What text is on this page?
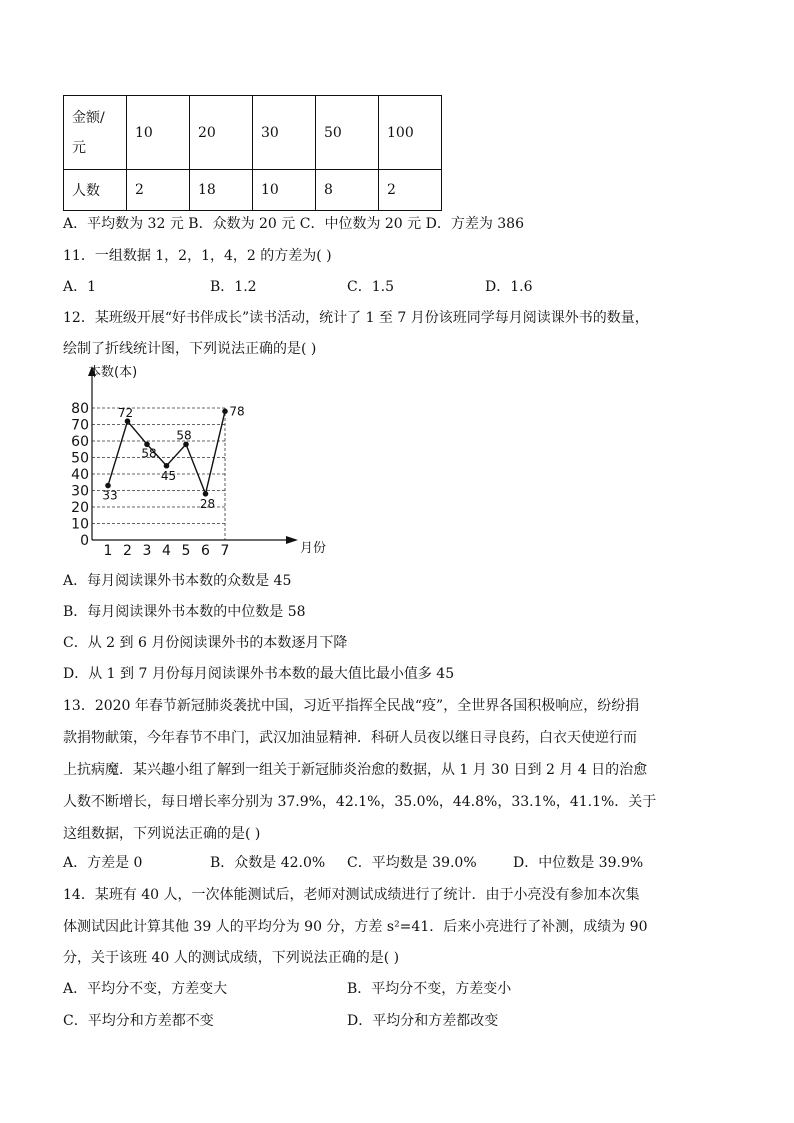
金额/
元	10	20	30	50	100
人数	2	18	10	8	2
A．平均数为 32 元 B．众数为 20 元 C．中位数为 20 元 D．方差为 386
11．一组数据 1，2，1，4，2 的方差为( )
A．1	B．1.2	C．1.5	D．1.6
12．某班级开展“好书伴成长”读书活动，统计了 1 至 7 月份该班同学每月阅读课外书的数量，
绘制了折线统计图，下列说法正确的是( )
0
10
20
30
40
50
60
70
80
1 2 3 4 5 6 7
33
72
58
45
58
28
78
本数(本)
月份
A．每月阅读课外书本数的众数是 45
B．每月阅读课外书本数的中位数是 58
C．从 2 到 6 月份阅读课外书的本数逐月下降
D．从 1 到 7 月份每月阅读课外书本数的最大值比最小值多 45
13．2020 年春节新冠肺炎袭扰中国，习近平指挥全民战“疫”，全世界各国积极响应，纷纷捐
款捐物献策，今年春节不串门，武汉加油显精神．科研人员夜以继日寻良药，白衣天使逆行而
上抗病魔．某兴趣小组了解到一组关于新冠肺炎治愈的数据，从 1 月 30 日到 2 月 4 日的治愈
人数不断增长，每日增长率分别为 37.9%，42.1%，35.0%，44.8%，33.1%，41.1%．关于
这组数据，下列说法正确的是( )
A．方差是 0	B．众数是 42.0% C．平均数是 39.0%	D．中位数是 39.9%
14．某班有 40 人，一次体能测试后，老师对测试成绩进行了统计．由于小亮没有参加本次集
体测试因此计算其他 39 人的平均分为 90 分，方差 s²=41．后来小亮进行了补测，成绩为 90
分，关于该班 40 人的测试成绩，下列说法正确的是( )
A．平均分不变，方差变大	B．平均分不变，方差变小
C．平均分和方差都不变	D．平均分和方差都改变
